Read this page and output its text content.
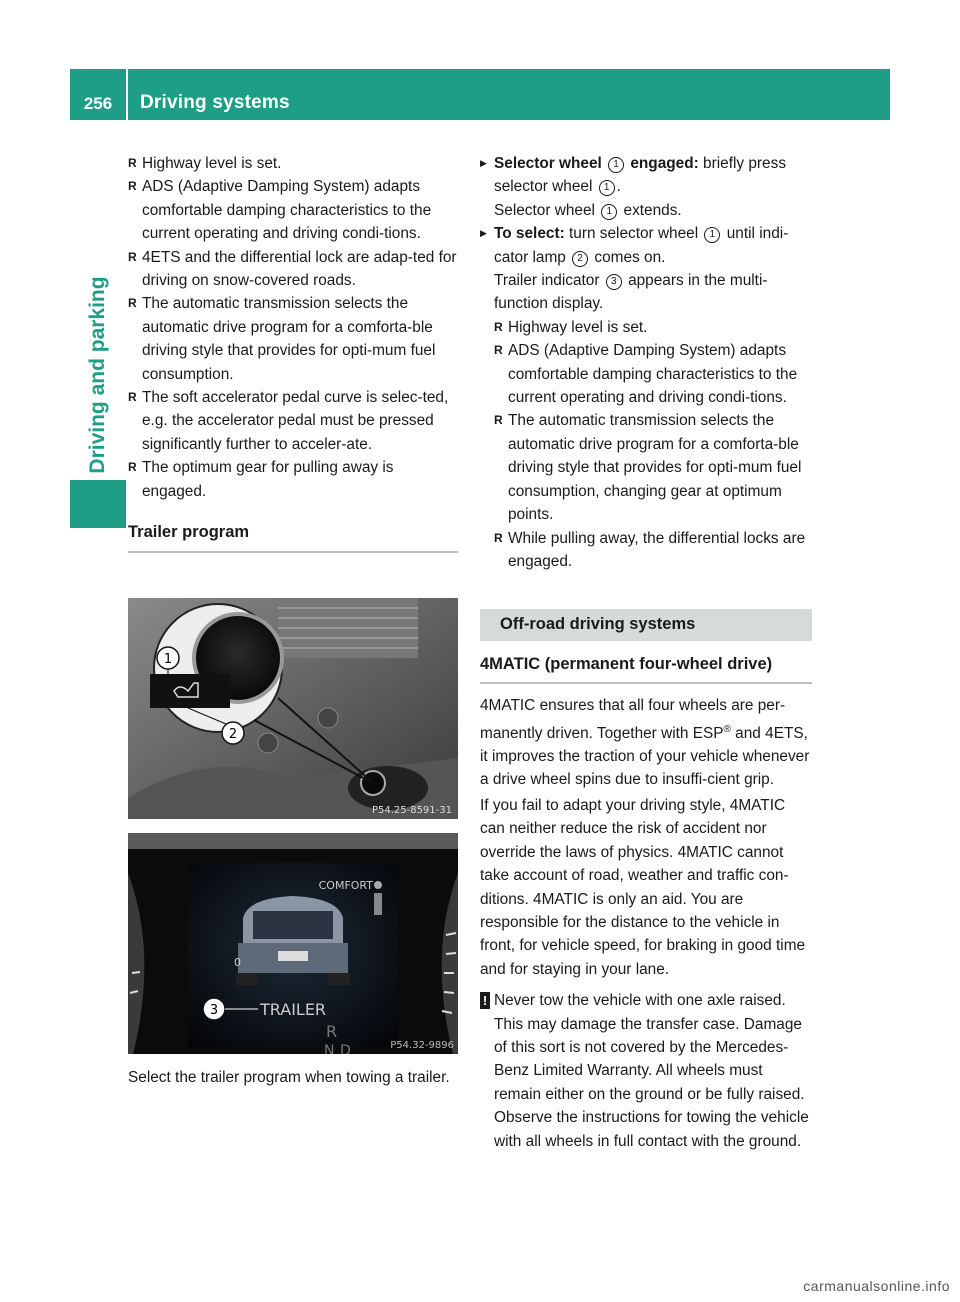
256	Driving systems
Driving and parking
R Highway level is set.
R ADS (Adaptive Damping System) adapts comfortable damping characteristics to the current operating and driving condi-tions.
R 4ETS and the differential lock are adap-ted for driving on snow-covered roads.
R The automatic transmission selects the automatic drive program for a comforta-ble driving style that provides for opti-mum fuel consumption.
R The soft accelerator pedal curve is selec-ted, e.g. the accelerator pedal must be pressed significantly further to acceler-ate.
R The optimum gear for pulling away is engaged.
Trailer program
1
2
P54.25-8591-31
COMFORT
0
3	TRAILER
R
N D	P54.32-9896
Select the trailer program when towing a trailer.
▶ Selector wheel 1 engaged: briefly press selector wheel 1 .
Selector wheel 1 extends.
▶ To select: turn selector wheel 1 until indi-cator lamp 2 comes on.
Trailer indicator 3 appears in the multi-function display.
R Highway level is set.
R ADS (Adaptive Damping System) adapts comfortable damping characteristics to the current operating and driving condi-tions.
R The automatic transmission selects the automatic drive program for a comforta-ble driving style that provides for opti-mum fuel consumption, changing gear at optimum points.
R While pulling away, the differential locks are engaged.
Off-road driving systems
4MATIC (permanent four-wheel drive)
4MATIC ensures that all four wheels are per-manently driven. Together with ESP® and 4ETS, it improves the traction of your vehicle whenever a drive wheel spins due to insuffi-cient grip.
If you fail to adapt your driving style, 4MATIC can neither reduce the risk of accident nor override the laws of physics. 4MATIC cannot take account of road, weather and traffic con-ditions. 4MATIC is only an aid. You are responsible for the distance to the vehicle in front, for vehicle speed, for braking in good time and for staying in your lane.
! Never tow the vehicle with one axle raised. This may damage the transfer case. Damage of this sort is not covered by the Mercedes-Benz Limited Warranty. All wheels must remain either on the ground or be fully raised. Observe the instructions for towing the vehicle with all wheels in full contact with the ground.
carmanualsonline.info
